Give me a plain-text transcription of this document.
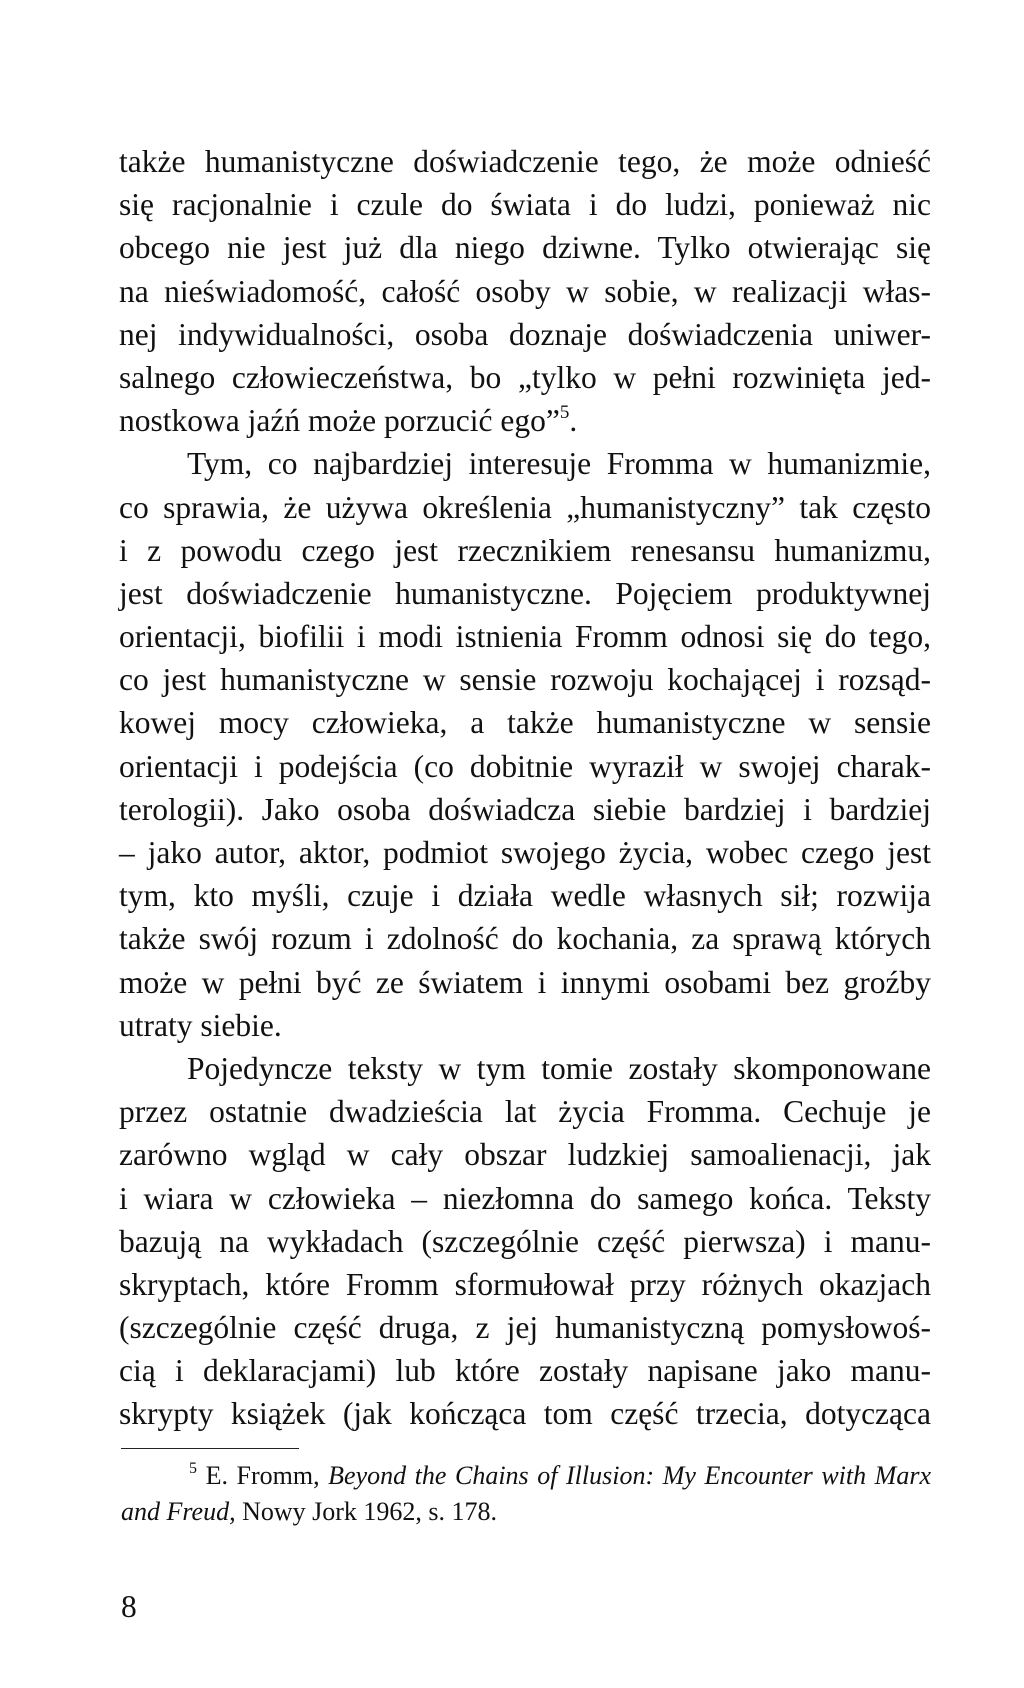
także humanistyczne doświadczenie tego, że może odnieść
się racjonalnie i czule do świata i do ludzi, ponieważ nic
obcego nie jest już dla niego dziwne. Tylko otwierając się
na nieświadomość, całość osoby w sobie, w realizacji włas-
nej indywidualności, osoba doznaje doświadczenia uniwer-
salnego człowieczeństwa, bo „tylko w pełni rozwinięta jed-
nostkowa jaźń może porzucić ego”$^5$.
Tym, co najbardziej interesuje Fromma w humanizmie,
co sprawia, że używa określenia „humanistyczny” tak często
i z powodu czego jest rzecznikiem renesansu humanizmu,
jest doświadczenie humanistyczne. Pojęciem produktywnej
orientacji, biofilii i modi istnienia Fromm odnosi się do tego,
co jest humanistyczne w sensie rozwoju kochającej i rozsąd-
kowej mocy człowieka, a także humanistyczne w sensie
orientacji i podejścia (co dobitnie wyraził w swojej charak-
terologii). Jako osoba doświadcza siebie bardziej i bardziej
– jako autor, aktor, podmiot swojego życia, wobec czego jest
tym, kto myśli, czuje i działa wedle własnych sił; rozwija
także swój rozum i zdolność do kochania, za sprawą których
może w pełni być ze światem i innymi osobami bez groźby
utraty siebie.
Pojedyncze teksty w tym tomie zostały skomponowane
przez ostatnie dwadzieścia lat życia Fromma. Cechuje je
zarówno wgląd w cały obszar ludzkiej samoalienacji, jak
i wiara w człowieka – niezłomna do samego końca. Teksty
bazują na wykładach (szczególnie część pierwsza) i manu-
skryptach, które Fromm sformułował przy różnych okazjach
(szczególnie część druga, z jej humanistyczną pomysłowoś-
cią i deklaracjami) lub które zostały napisane jako manu-
skrypty książek (jak kończąca tom część trzecia, dotycząca
$^5$ E. Fromm, Beyond the Chains of Illusion: My Encounter with Marx
and Freud, Nowy Jork 1962, s. 178.
8
